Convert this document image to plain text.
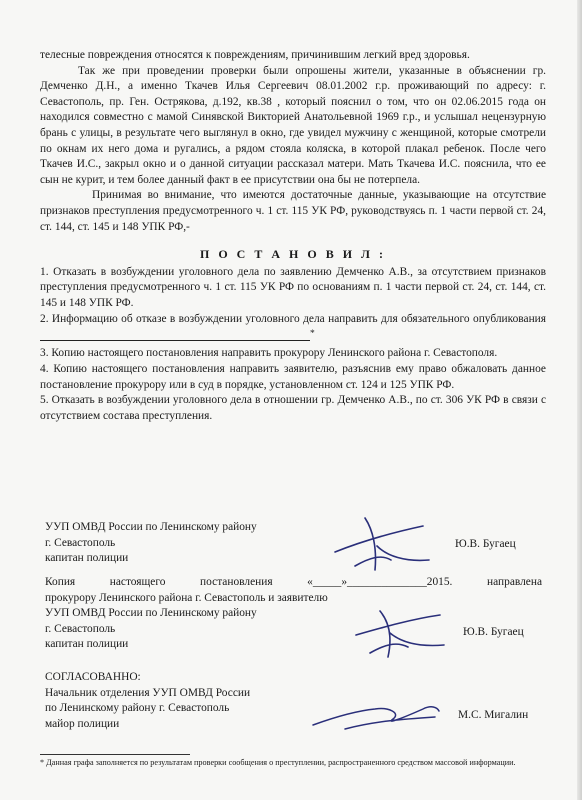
телесные повреждения относятся к повреждениям, причинившим легкий вред здоровья.

Так же при проведении проверки были опрошены жители, указанные в объяснении гр. Демченко Д.Н., а именно Ткачев Илья Сергеевич 08.01.2002 г.р. проживающий по адресу: г. Севастополь, пр. Ген. Острякова, д.192, кв.38 , который пояснил о том, что он 02.06.2015 года он находился совместно с мамой Синявской Викторией Анатольевной 1969 г.р., и услышал нецензурную брань с улицы, в результате чего выглянул в окно, где увидел мужчину с женщиной, которые смотрели по окнам их него дома и ругались, а рядом стояла коляска, в которой плакал ребенок. После чего Ткачев И.С., закрыл окно и о данной ситуации рассказал матери. Мать Ткачева И.С. пояснила, что ее сын не курит, и тем более данный факт в ее присутствии она бы не потерпела.

Принимая во внимание, что имеются достаточные данные, указывающие на отсутствие признаков преступления предусмотренного ч. 1 ст. 115 УК РФ, руководствуясь п. 1 части первой ст. 24, ст. 144, ст. 145 и 148 УПК РФ,-

П О С Т А Н О В И Л :

1. Отказать в возбуждении уголовного дела по заявлению Демченко А.В., за отсутствием признаков преступления предусмотренного ч. 1 ст. 115 УК РФ по основаниям п. 1 части первой ст. 24, ст. 144, ст. 145 и 148 УПК РФ.

2. Информацию об отказе в возбуждении уголовного дела направить для обязательного опубликования*

3. Копию настоящего постановления направить прокурору Ленинского района г. Севастополя.

4. Копию настоящего постановления направить заявителю, разъяснив ему право обжаловать данное постановление прокурору или в суд в порядке, установленном ст. 124 и 125 УПК РФ.

5. Отказать в возбуждении уголовного дела в отношении гр. Демченко А.В., по ст. 306 УК РФ в связи с отсутствием состава преступления.

УУП ОМВД России по Ленинскому району
г. Севастополь
капитан полиции
Ю.В. Бугаец
Копия настоящего постановления «_____»______________2015. направлена
прокурору Ленинского района г. Севастополь и заявителю
УУП ОМВД России по Ленинскому району
г. Севастополь
капитан полиции
Ю.В. Бугаец
СОГЛАСОВАННО:
Начальник отделения УУП ОМВД России
по Ленинскому району г. Севастополь
майор полиции
М.С. Мигалин
* Данная графа заполняется по результатам проверки сообщения о преступлении, распространенного средством массовой информации.
